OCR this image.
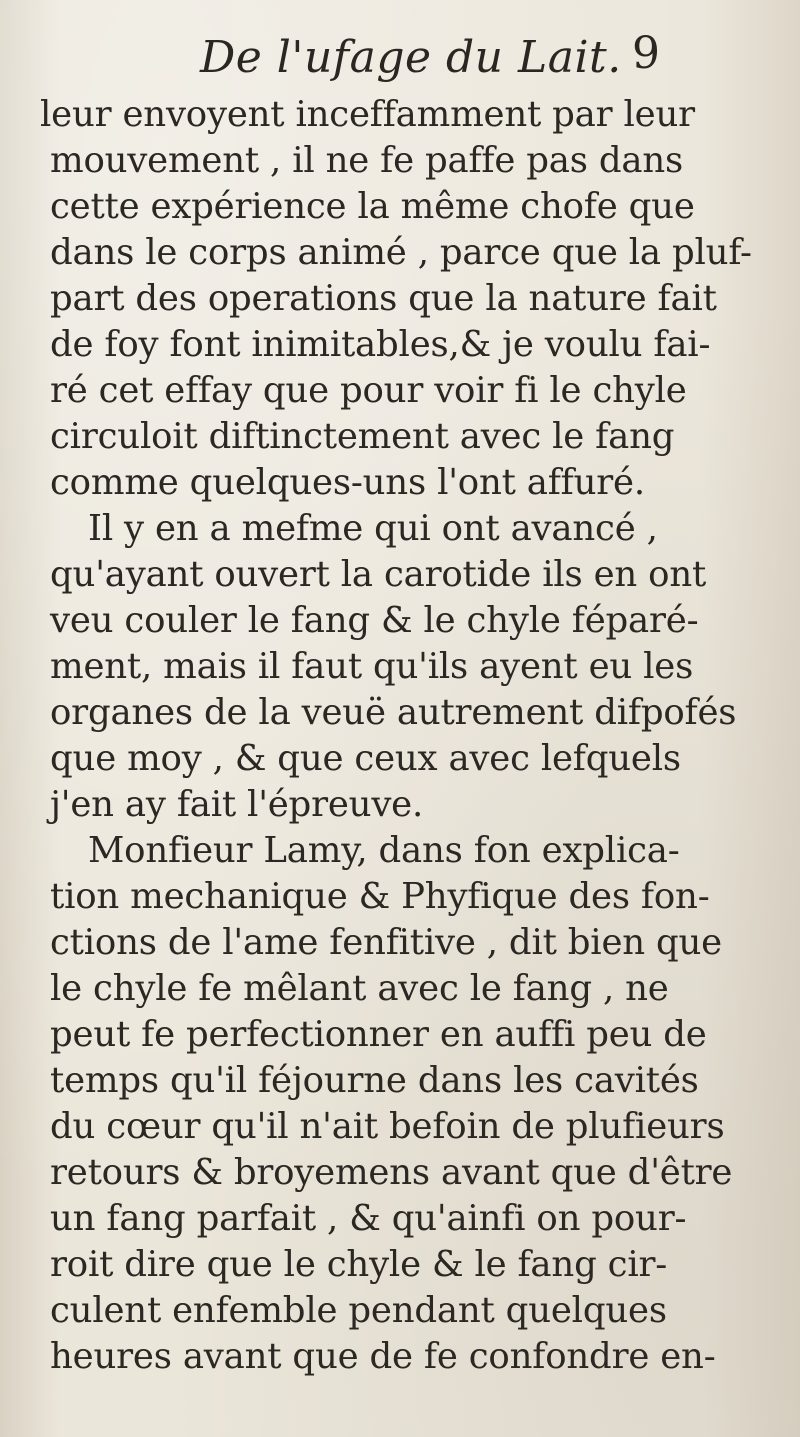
De l'ufage du Lait. 9
leur envoyent inceffamment par leur
mouvement , il ne fe paffe pas dans
cette expérience la même chofe que
dans le corps animé , parce que la pluf-
part des operations que la nature fait
de foy font inimitables,& je voulu fai-
ré cet effay que pour voir fi le chyle
circuloit diftinctement avec le fang
comme quelques-uns l'ont affuré.
Il y en a mefme qui ont avancé ,
qu'ayant ouvert la carotide ils en ont
veu couler le fang & le chyle féparé-
ment, mais il faut qu'ils ayent eu les
organes de la veuë autrement difpofés
que moy , & que ceux avec lefquels
j'en ay fait l'épreuve.
Monfieur Lamy, dans fon explica-
tion mechanique & Phyfique des fon-
ctions de l'ame fenfitive , dit bien que
le chyle fe mêlant avec le fang , ne
peut fe perfectionner en auffi peu de
temps qu'il féjourne dans les cavités
du cœur qu'il n'ait befoin de plufieurs
retours & broyemens avant que d'être
un fang parfait , & qu'ainfi on pour-
roit dire que le chyle & le fang cir-
culent enfemble pendant quelques
heures avant que de fe confondre en-
